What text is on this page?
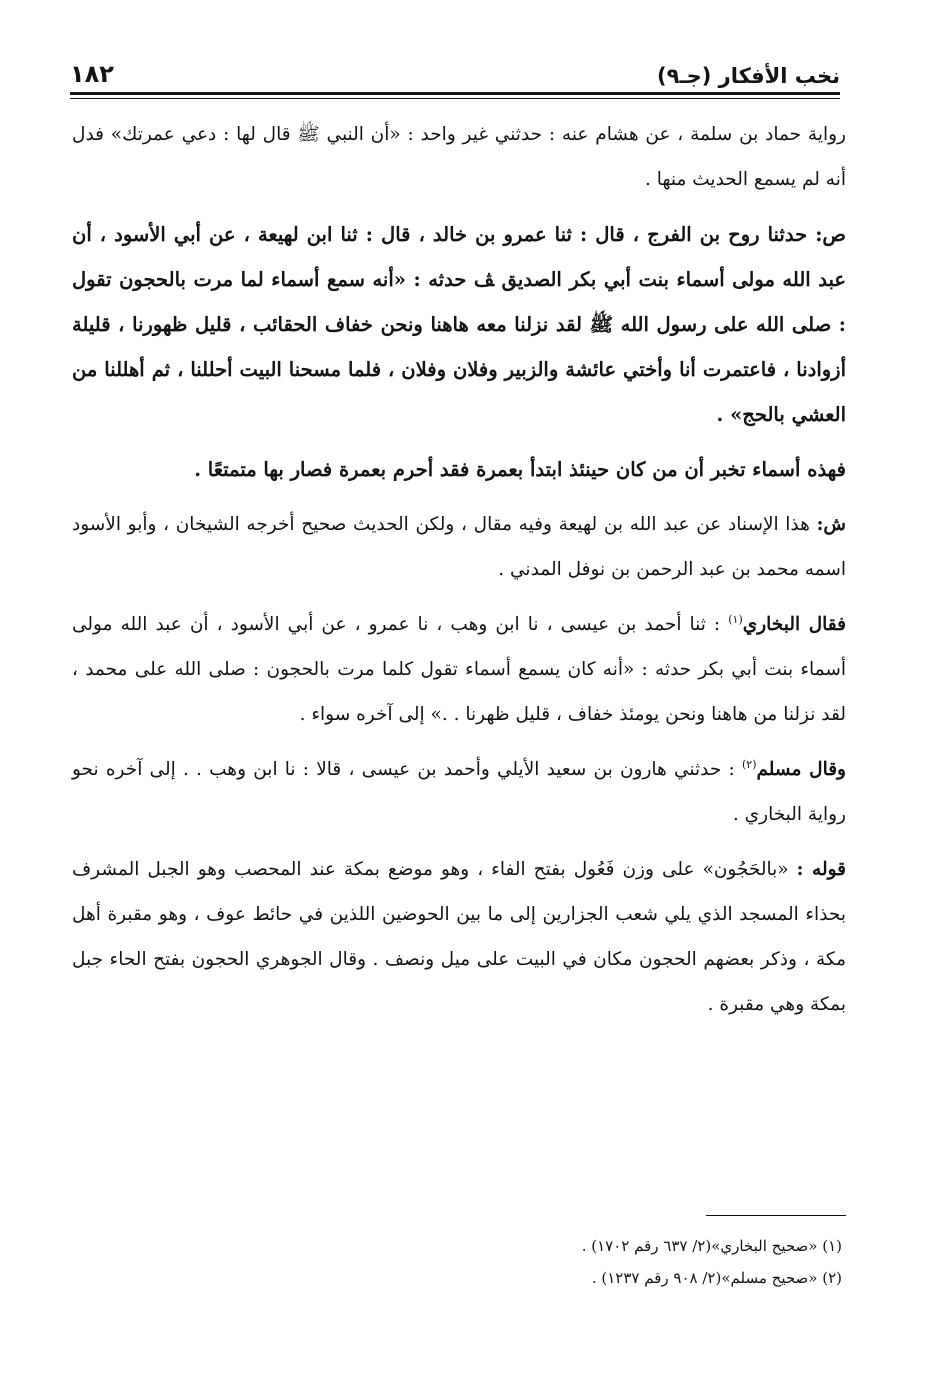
١٨٢	نخب الأفكار (جـ٩)

رواية حماد بن سلمة ، عن هشام عنه : حدثني غير واحد : «أن النبي ﷺ قال لها : دعي عمرتك» فدل أنه لم يسمع الحديث منها .

ص: حدثنا روح بن الفرج ، قال : ثنا عمرو بن خالد ، قال : ثنا ابن لهيعة ، عن أبي الأسود ، أن عبد الله مولى أسماء بنت أبي بكر الصديق ﭫ حدثه : «أنه سمع أسماء لما مرت بالحجون تقول : صلى الله على رسول الله ﷺ لقد نزلنا معه هاهنا ونحن خفاف الحقائب ، قليل ظهورنا ، قليلة أزوادنا ، فاعتمرت أنا وأختي عائشة والزبير وفلان وفلان ، فلما مسحنا البيت أحللنا ، ثم أهللنا من العشي بالحج» .

فهذه أسماء تخبر أن من كان حينئذ ابتدأ بعمرة فقد أحرم بعمرة فصار بها متمتعًا .

ش: هذا الإسناد عن عبد الله بن لهيعة وفيه مقال ، ولكن الحديث صحيح أخرجه الشيخان ، وأبو الأسود اسمه محمد بن عبد الرحمن بن نوفل المدني .

فقال البخاري$^{(١)}$ : ثنا أحمد بن عيسى ، نا ابن وهب ، نا عمرو ، عن أبي الأسود ، أن عبد الله مولى أسماء بنت أبي بكر حدثه : «أنه كان يسمع أسماء تقول كلما مرت بالحجون : صلى الله على محمد ، لقد نزلنا من هاهنا ونحن يومئذ خفاف ، قليل ظهرنا . .» إلى آخره سواء .

وقال مسلم$^{(٢)}$ : حدثني هارون بن سعيد الأيلي وأحمد بن عيسى ، قالا : نا ابن وهب . . إلى آخره نحو رواية البخاري .

قوله : «بالحَجُون» على وزن فَعُول بفتح الفاء ، وهو موضع بمكة عند المحصب وهو الجبل المشرف بحذاء المسجد الذي يلي شعب الجزارين إلى ما بين الحوضين اللذين في حائط عوف ، وهو مقبرة أهل مكة ، وذكر بعضهم الحجون مكان في البيت على ميل ونصف . وقال الجوهري الحجون بفتح الحاء جبل بمكة وهي مقبرة .

(١) «صحيح البخاري»(٢/ ٦٣٧ رقم ١٧٠٢) .
(٢) «صحيح مسلم»(٢/ ٩٠٨ رقم ١٢٣٧) .
